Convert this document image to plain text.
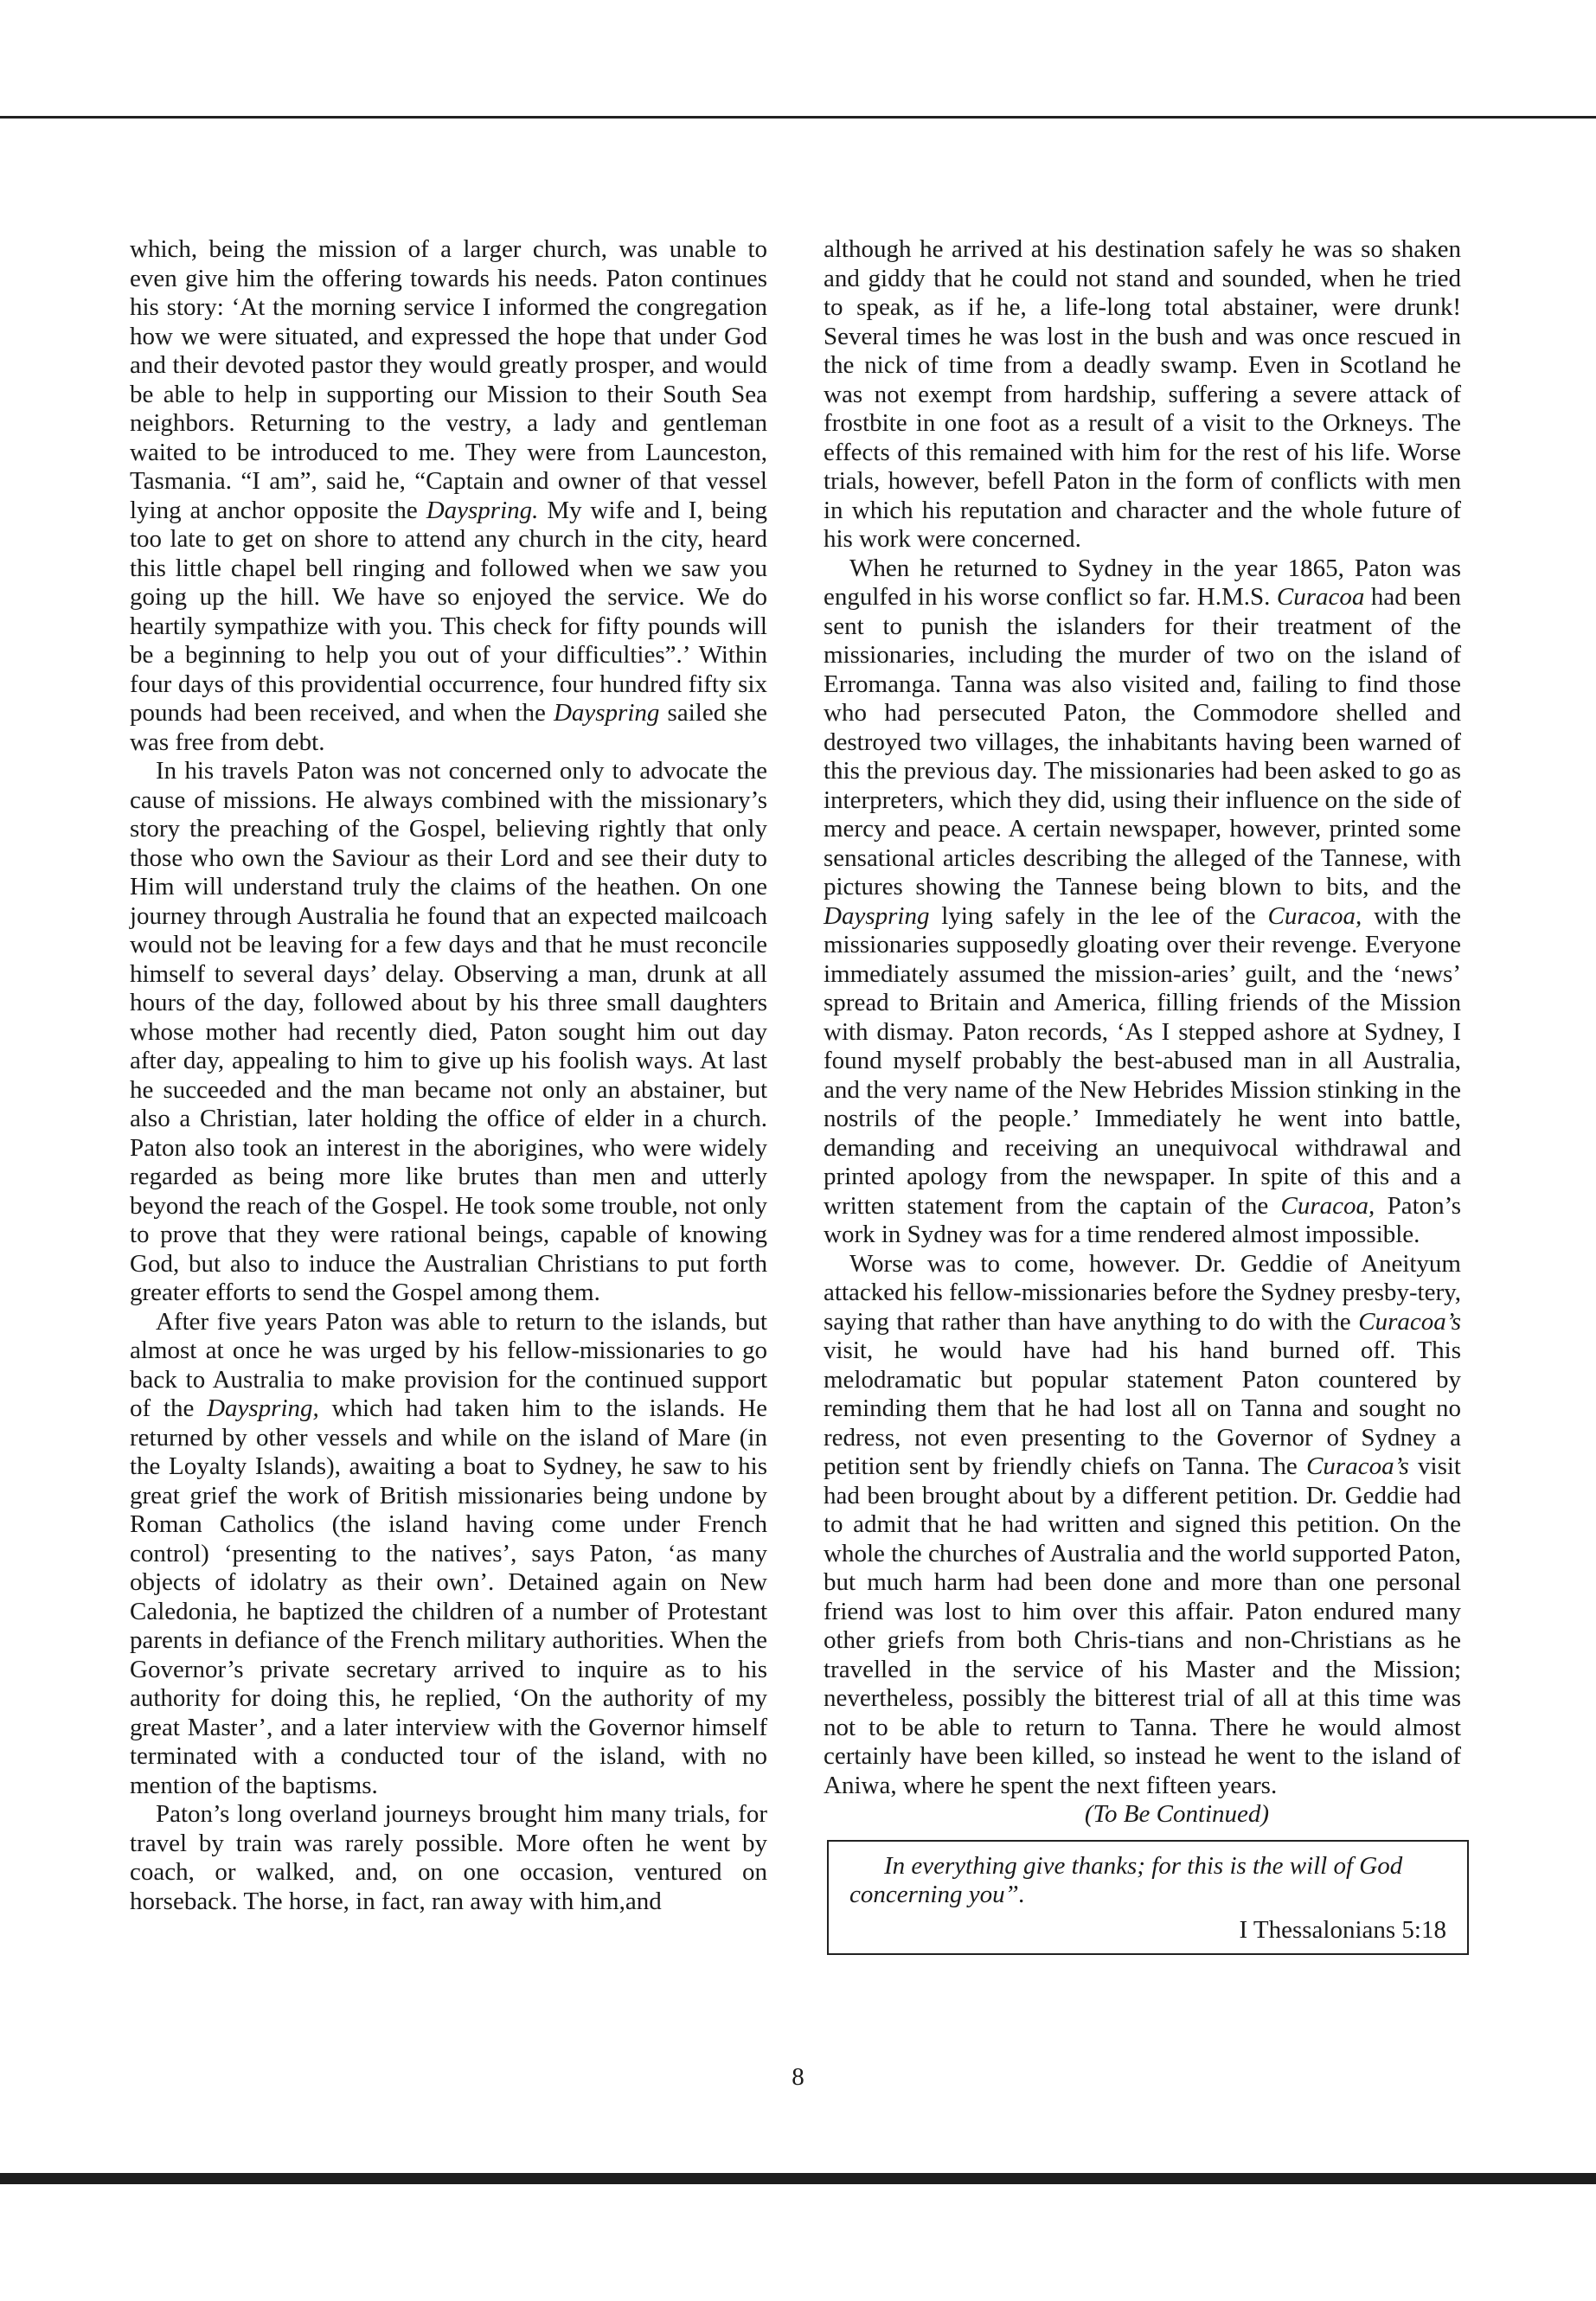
which, being the mission of a larger church, was unable to even give him the offering towards his needs. Paton continues his story: ‘At the morning service I informed the congregation how we were situated, and expressed the hope that under God and their devoted pastor they would greatly prosper, and would be able to help in supporting our Mission to their South Sea neighbors. Returning to the vestry, a lady and gentleman waited to be introduced to me. They were from Launceston, Tasmania. “I am”, said he, “Captain and owner of that vessel lying at anchor opposite the Dayspring. My wife and I, being too late to get on shore to attend any church in the city, heard this little chapel bell ringing and followed when we saw you going up the hill. We have so enjoyed the service. We do heartily sympathize with you. This check for fifty pounds will be a beginning to help you out of your difficulties”.’ Within four days of this providential occurrence, four hundred fifty six pounds had been received, and when the Dayspring sailed she was free from debt.

In his travels Paton was not concerned only to advocate the cause of missions. He always combined with the missionary’s story the preaching of the Gospel, believing rightly that only those who own the Saviour as their Lord and see their duty to Him will understand truly the claims of the heathen. On one journey through Australia he found that an expected mailcoach would not be leaving for a few days and that he must reconcile himself to several days’ delay. Observing a man, drunk at all hours of the day, followed about by his three small daughters whose mother had recently died, Paton sought him out day after day, appealing to him to give up his foolish ways. At last he succeeded and the man became not only an abstainer, but also a Christian, later holding the office of elder in a church. Paton also took an interest in the aborigines, who were widely regarded as being more like brutes than men and utterly beyond the reach of the Gospel. He took some trouble, not only to prove that they were rational beings, capable of knowing God, but also to induce the Australian Christians to put forth greater efforts to send the Gospel among them.

After five years Paton was able to return to the islands, but almost at once he was urged by his fellow-missionaries to go back to Australia to make provision for the continued support of the Dayspring, which had taken him to the islands. He returned by other vessels and while on the island of Mare (in the Loyalty Islands), awaiting a boat to Sydney, he saw to his great grief the work of British missionaries being undone by Roman Catholics (the island having come under French control) ‘presenting to the natives’, says Paton, ‘as many objects of idolatry as their own’. Detained again on New Caledonia, he baptized the children of a number of Protestant parents in defiance of the French military authorities. When the Governor’s private secretary arrived to inquire as to his authority for doing this, he replied, ‘On the authority of my great Master’, and a later interview with the Governor himself terminated with a conducted tour of the island, with no mention of the baptisms.

Paton’s long overland journeys brought him many trials, for travel by train was rarely possible. More often he went by coach, or walked, and, on one occasion, ventured on horseback. The horse, in fact, ran away with him,and

although he arrived at his destination safely he was so shaken and giddy that he could not stand and sounded, when he tried to speak, as if he, a life-long total abstainer, were drunk! Several times he was lost in the bush and was once rescued in the nick of time from a deadly swamp. Even in Scotland he was not exempt from hardship, suffering a severe attack of frostbite in one foot as a result of a visit to the Orkneys. The effects of this remained with him for the rest of his life. Worse trials, however, befell Paton in the form of conflicts with men in which his reputation and character and the whole future of his work were concerned.

When he returned to Sydney in the year 1865, Paton was engulfed in his worse conflict so far. H.M.S. Curacoa had been sent to punish the islanders for their treatment of the missionaries, including the murder of two on the island of Erromanga. Tanna was also visited and, failing to find those who had persecuted Paton, the Commodore shelled and destroyed two villages, the inhabitants having been warned of this the previous day. The missionaries had been asked to go as interpreters, which they did, using their influence on the side of mercy and peace. A certain newspaper, however, printed some sensational articles describing the alleged of the Tannese, with pictures showing the Tannese being blown to bits, and the Dayspring lying safely in the lee of the Curacoa, with the missionaries supposedly gloating over their revenge. Everyone immediately assumed the mission-aries’ guilt, and the ‘news’ spread to Britain and America, filling friends of the Mission with dismay. Paton records, ‘As I stepped ashore at Sydney, I found myself probably the best-abused man in all Australia, and the very name of the New Hebrides Mission stinking in the nostrils of the people.’ Immediately he went into battle, demanding and receiving an unequivocal withdrawal and printed apology from the newspaper. In spite of this and a written statement from the captain of the Curacoa, Paton’s work in Sydney was for a time rendered almost impossible.

Worse was to come, however. Dr. Geddie of Aneityum attacked his fellow-missionaries before the Sydney presby-tery, saying that rather than have anything to do with the Curacoa’s visit, he would have had his hand burned off. This melodramatic but popular statement Paton countered by reminding them that he had lost all on Tanna and sought no redress, not even presenting to the Governor of Sydney a petition sent by friendly chiefs on Tanna. The Curacoa’s visit had been brought about by a different petition. Dr. Geddie had to admit that he had written and signed this petition. On the whole the churches of Australia and the world supported Paton, but much harm had been done and more than one personal friend was lost to him over this affair. Paton endured many other griefs from both Chris-tians and non-Christians as he travelled in the service of his Master and the Mission; nevertheless, possibly the bitterest trial of all at this time was not to be able to return to Tanna. There he would almost certainly have been killed, so instead he went to the island of Aniwa, where he spent the next fifteen years.

(To Be Continued)

In everything give thanks; for this is the will of God concerning you”.
I Thessalonians 5:18
8
